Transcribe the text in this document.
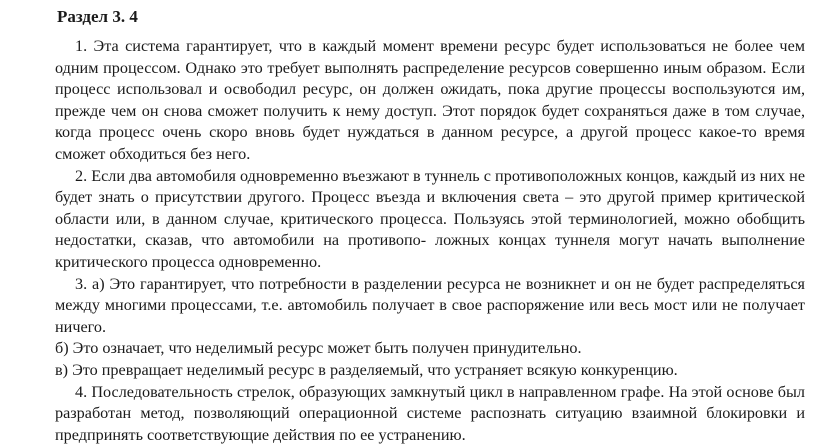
Раздел 3. 4

1. Эта система гарантирует, что в каждый момент времени ресурс будет использоваться не более чем одним процессом. Однако это требует выполнять распределение ресурсов совершенно иным образом. Если процесс использовал и освободил ресурс, он должен ожидать, пока другие процессы воспользуются им, прежде чем он снова сможет получить к нему доступ. Этот порядок будет сохраняться даже в том случае, когда процесс очень скоро вновь будет нуждаться в данном ресурсе, а другой процесс какое-то время сможет обходиться без него.

2. Если два автомобиля одновременно въезжают в туннель с противоположных концов, каждый из них не будет знать о присутствии другого. Процесс въезда и включения света – это другой пример критической области или, в данном случае, критического процесса. Пользуясь этой терминологией, можно обобщить недостатки, сказав, что автомобили на противопо- ложных концах туннеля могут начать выполнение критического процесса одновременно.

3. а) Это гарантирует, что потребности в разделении ресурса не возникнет и он не будет распределяться между многими процессами, т.е. автомобиль получает в свое распоряжение или весь мост или не получает ничего.

б) Это означает, что неделимый ресурс может быть получен принудительно.

в) Это превращает неделимый ресурс в разделяемый, что устраняет всякую конкуренцию.

4. Последовательность стрелок, образующих замкнутый цикл в направленном графе. На этой основе был разработан метод, позволяющий операционной системе распознать ситуацию взаимной блокировки и предпринять соответствующие действия по ее устранению.
